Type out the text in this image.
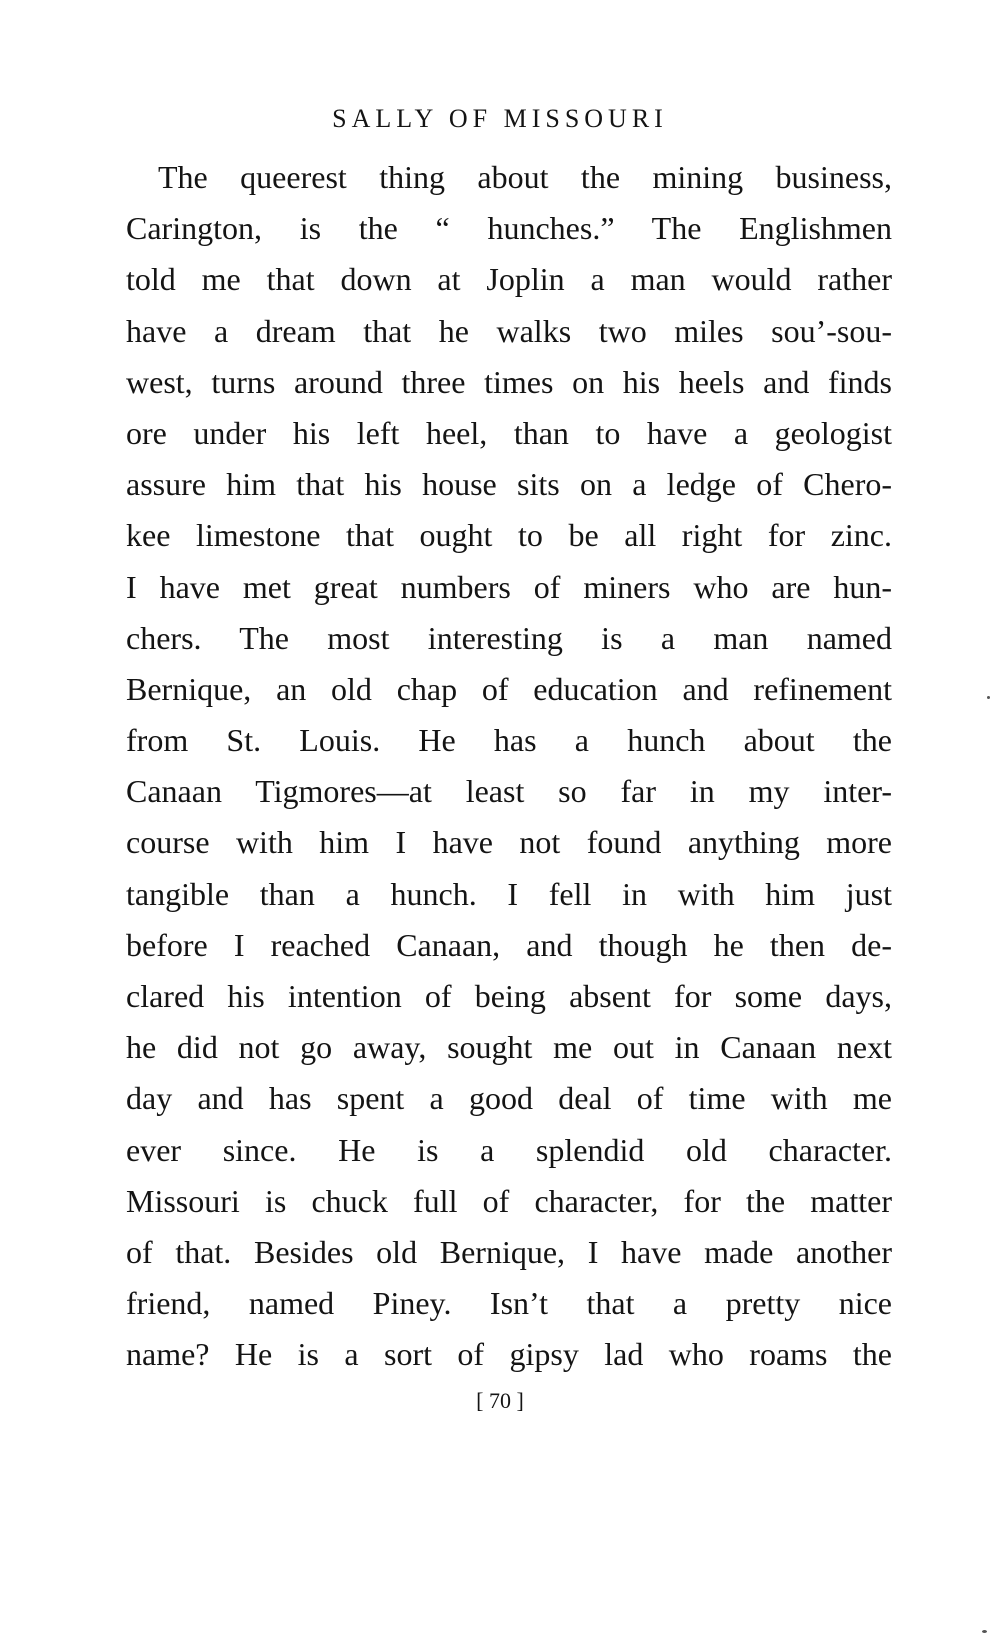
SALLY OF MISSOURI
The queerest thing about the mining business,
Carington, is the “ hunches.” The Englishmen
told me that down at Joplin a man would rather
have a dream that he walks two miles sou’-sou-
west, turns around three times on his heels and finds
ore under his left heel, than to have a geologist
assure him that his house sits on a ledge of Chero-
kee limestone that ought to be all right for zinc.
I have met great numbers of miners who are hun-
chers. The most interesting is a man named
Bernique, an old chap of education and refinement
from St. Louis. He has a hunch about the
Canaan Tigmores—at least so far in my inter-
course with him I have not found anything more
tangible than a hunch. I fell in with him just
before I reached Canaan, and though he then de-
clared his intention of being absent for some days,
he did not go away, sought me out in Canaan next
day and has spent a good deal of time with me
ever since. He is a splendid old character.
Missouri is chuck full of character, for the matter
of that. Besides old Bernique, I have made another
friend, named Piney. Isn’t that a pretty nice
name? He is a sort of gipsy lad who roams the
[ 70 ]
